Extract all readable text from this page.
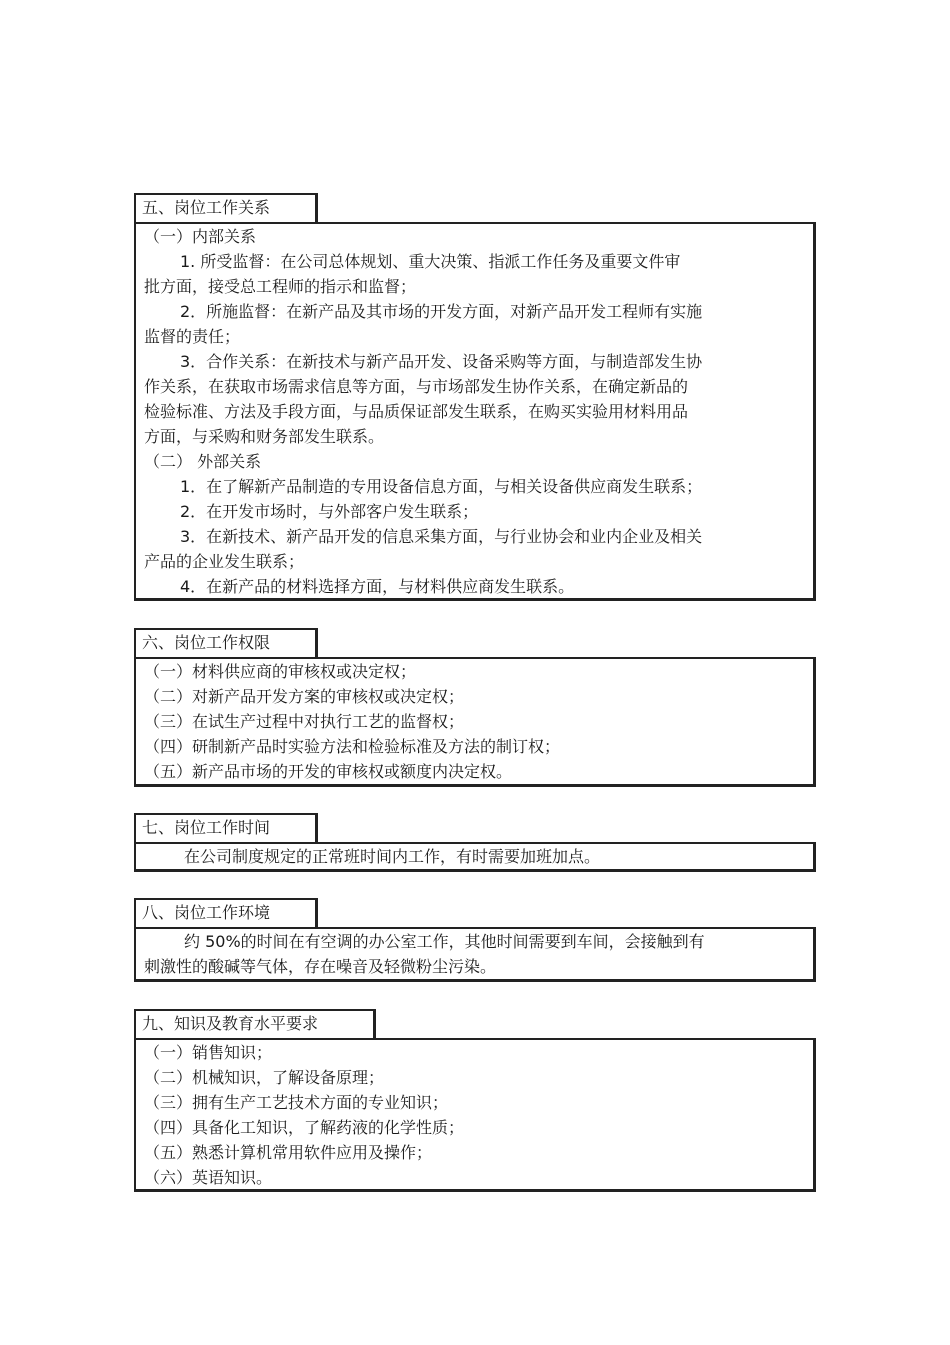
五、岗位工作关系
（一）内部关系
1. 所受监督：在公司总体规划、重大决策、指派工作任务及重要文件审
批方面，接受总工程师的指示和监督；
2．所施监督：在新产品及其市场的开发方面，对新产品开发工程师有实施
监督的责任；
3．合作关系：在新技术与新产品开发、设备采购等方面，与制造部发生协
作关系，在获取市场需求信息等方面，与市场部发生协作关系，在确定新品的
检验标准、方法及手段方面，与品质保证部发生联系，在购买实验用材料用品
方面，与采购和财务部发生联系。
（二） 外部关系
1．在了解新产品制造的专用设备信息方面，与相关设备供应商发生联系；
2．在开发市场时，与外部客户发生联系；
3．在新技术、新产品开发的信息采集方面，与行业协会和业内企业及相关
产品的企业发生联系；
4．在新产品的材料选择方面，与材料供应商发生联系。
六、岗位工作权限
（一）材料供应商的审核权或决定权；
（二）对新产品开发方案的审核权或决定权；
（三）在试生产过程中对执行工艺的监督权；
（四）研制新产品时实验方法和检验标准及方法的制订权；
（五）新产品市场的开发的审核权或额度内决定权。
七、岗位工作时间
在公司制度规定的正常班时间内工作，有时需要加班加点。
八、岗位工作环境
约 50%的时间在有空调的办公室工作，其他时间需要到车间，会接触到有
刺激性的酸碱等气体，存在噪音及轻微粉尘污染。
九、知识及教育水平要求
（一）销售知识；
（二）机械知识，了解设备原理；
（三）拥有生产工艺技术方面的专业知识；
（四）具备化工知识，了解药液的化学性质；
（五）熟悉计算机常用软件应用及操作；
（六）英语知识。
